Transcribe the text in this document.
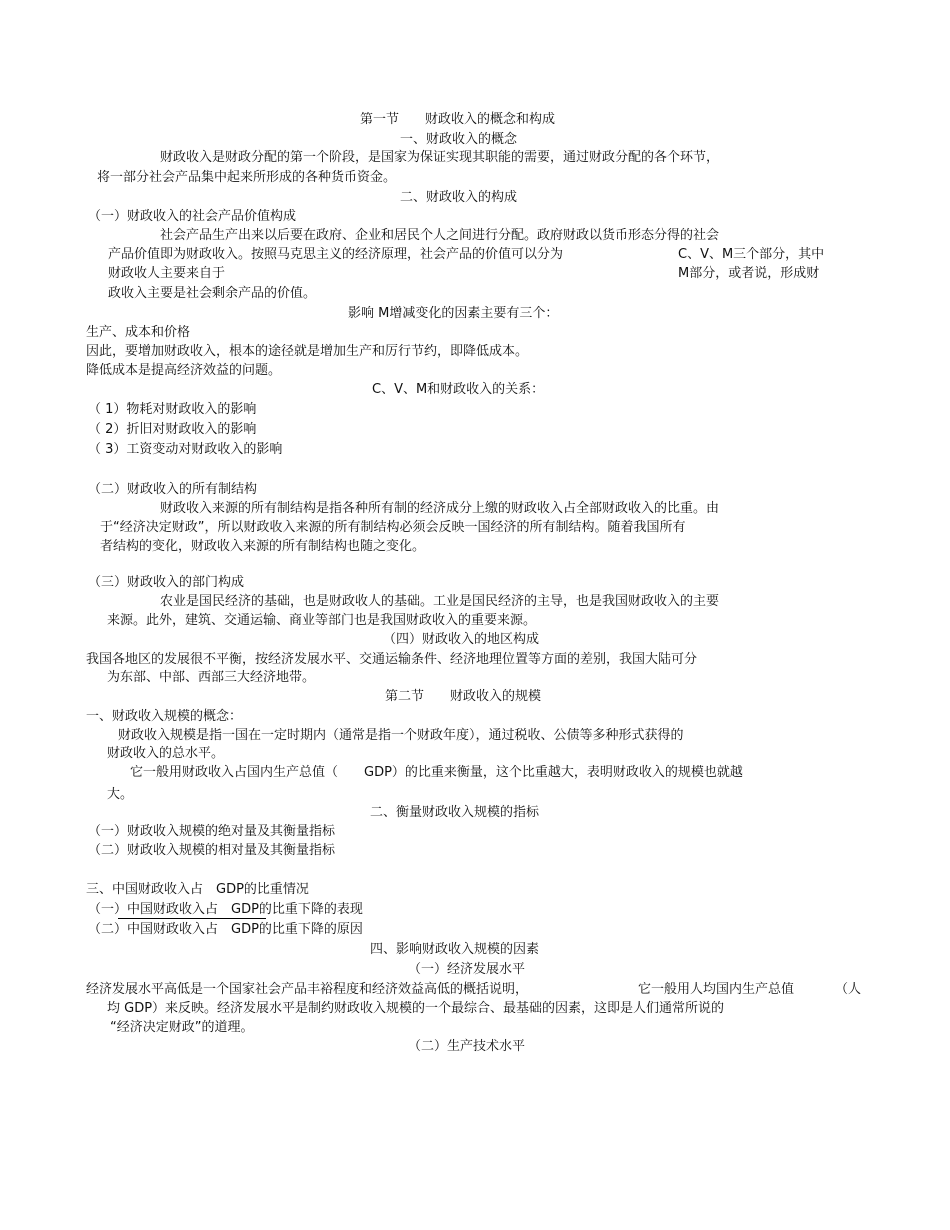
第一节　　财政收入的概念和构成
一、财政收入的概念
财政收入是财政分配的第一个阶段，是国家为保证实现其职能的需要，通过财政分配的各个环节，
将一部分社会产品集中起来所形成的各种货币资金。
二、财政收入的构成
（一）财政收入的社会产品价值构成
社会产品生产出来以后要在政府、企业和居民个人之间进行分配。政府财政以货币形态分得的社会
产品价值即为财政收入。按照马克思主义的经济原理，社会产品的价值可以分为	C、V、M三个部分，其中
财政收人主要来自于	M部分，或者说，形成财
政收入主要是社会剩余产品的价值。
影响 M增减变化的因素主要有三个：
生产、成本和价格
因此，要增加财政收入，根本的途径就是增加生产和厉行节约，即降低成本。
降低成本是提高经济效益的问题。
C、V、M和财政收入的关系：
（ 1）物耗对财政收入的影响
（ 2）折旧对财政收入的影响
（ 3）工资变动对财政收入的影响
（二）财政收入的所有制结构
财政收入来源的所有制结构是指各种所有制的经济成分上缴的财政收入占全部财政收入的比重。由
于“经济决定财政”，所以财政收入来源的所有制结构必须会反映一国经济的所有制结构。随着我国所有
者结构的变化，财政收入来源的所有制结构也随之变化。
（三）财政收入的部门构成
农业是国民经济的基础，也是财政收人的基础。工业是国民经济的主导，也是我国财政收入的主要
来源。此外，建筑、交通运输、商业等部门也是我国财政收入的重要来源。
（四）财政收入的地区构成
我国各地区的发展很不平衡，按经济发展水平、交通运输条件、经济地理位置等方面的差别，我国大陆可分
为东部、中部、西部三大经济地带。
第二节　　财政收入的规模
一、财政收入规模的概念：
财政收入规模是指一国在一定时期内（通常是指一个财政年度），通过税收、公债等多种形式获得的
财政收入的总水平。
它一般用财政收入占国内生产总值（　　GDP）的比重来衡量，这个比重越大，表明财政收入的规模也就越
大。
二、衡量财政收入规模的指标
（一）财政收入规模的绝对量及其衡量指标
（二）财政收入规模的相对量及其衡量指标
三、中国财政收入占　GDP的比重情况
（一）中国财政收入占　GDP的比重下降的表现
（二）中国财政收入占　GDP的比重下降的原因
四、影响财政收入规模的因素
（一）经济发展水平
经济发展水平高低是一个国家社会产品丰裕程度和经济效益高低的概括说明，	它一般用人均国内生产总值	（人
均 GDP）来反映。经济发展水平是制约财政收入规模的一个最综合、最基础的因素，这即是人们通常所说的
“经济决定财政”的道理。
（二）生产技术水平
